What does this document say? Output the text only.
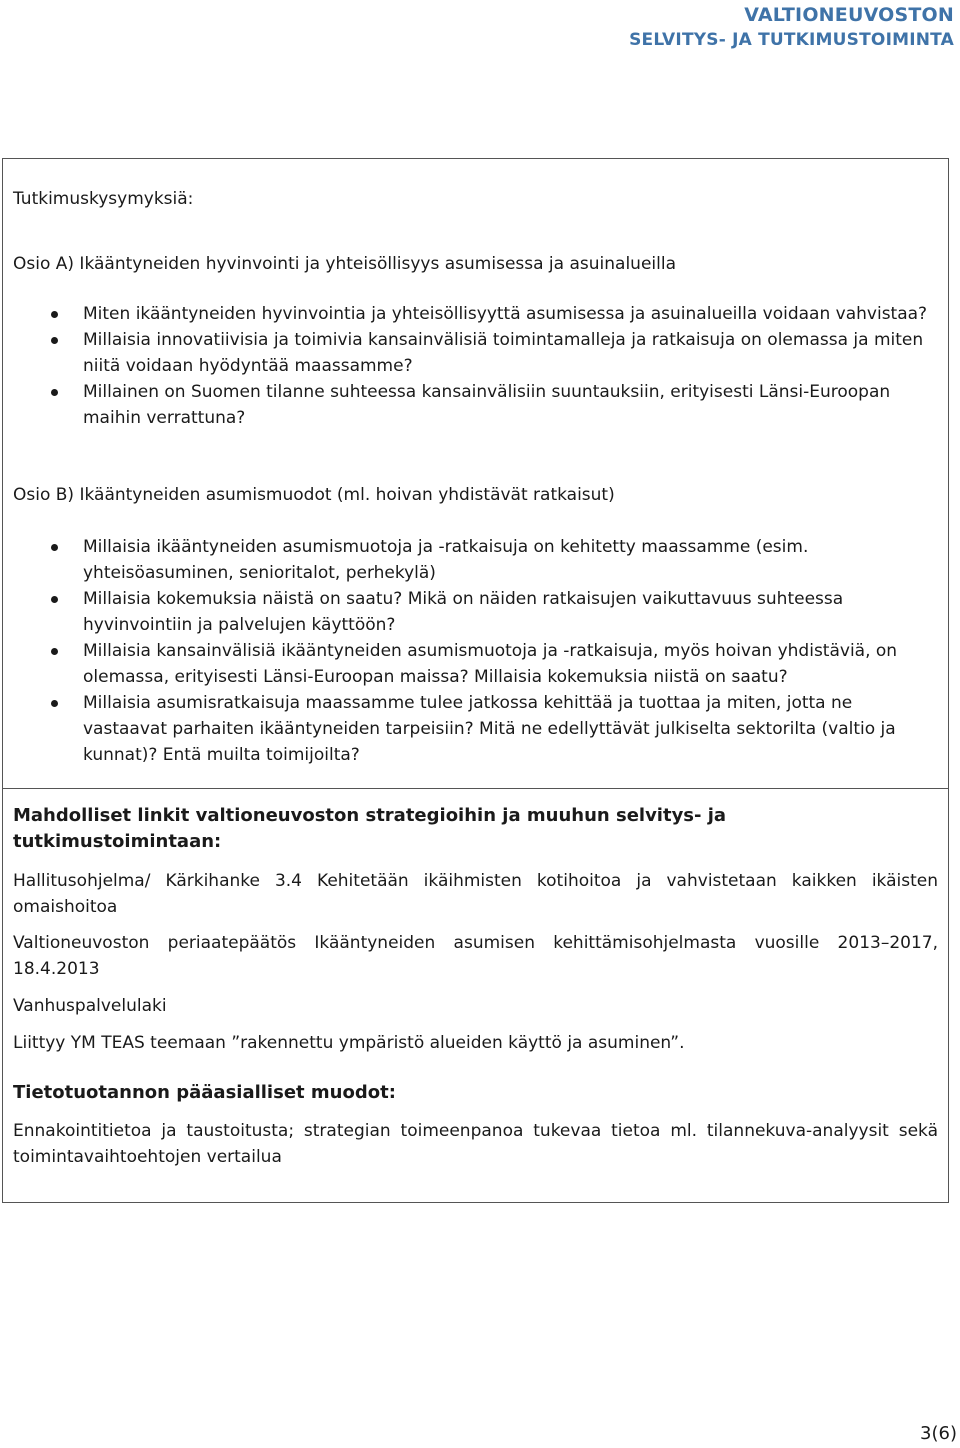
VALTIONEUVOSTON
SELVITYS- JA TUTKIMUSTOIMINTA

Tutkimuskysymyksiä:

Osio A) Ikääntyneiden hyvinvointi ja yhteisöllisyys asumisessa ja asuinalueilla

Miten ikääntyneiden hyvinvointia ja yhteisöllisyyttä asumisessa ja asuinalueilla voidaan vahvistaa?
Millaisia innovatiivisia ja toimivia kansainvälisiä toimintamalleja ja ratkaisuja on olemassa ja miten niitä voidaan hyödyntää maassamme?
Millainen on Suomen tilanne suhteessa kansainvälisiin suuntauksiin, erityisesti Länsi-Euroopan maihin verrattuna?

Osio B) Ikääntyneiden asumismuodot (ml. hoivan yhdistävät ratkaisut)

Millaisia ikääntyneiden asumismuotoja ja -ratkaisuja on kehitetty maassamme (esim. yhteisöasuminen, senioritalot, perhekylä)
Millaisia kokemuksia näistä on saatu? Mikä on näiden ratkaisujen vaikuttavuus suhteessa hyvinvointiin ja palvelujen käyttöön?
Millaisia kansainvälisiä ikääntyneiden asumismuotoja ja -ratkaisuja, myös hoivan yhdistäviä, on olemassa, erityisesti Länsi-Euroopan maissa? Millaisia kokemuksia niistä on saatu?
Millaisia asumisratkaisuja maassamme tulee jatkossa kehittää ja tuottaa ja miten, jotta ne vastaavat parhaiten ikääntyneiden tarpeisiin? Mitä ne edellyttävät julkiselta sektorilta (valtio ja kunnat)? Entä muilta toimijoilta?

Mahdolliset linkit valtioneuvoston strategioihin ja muuhun selvitys- ja tutkimustoimintaan:

Hallitusohjelma/ Kärkihanke 3.4 Kehitetään ikäihmisten kotihoitoa ja vahvistetaan kaikken ikäisten omaishoitoa

Valtioneuvoston periaatepäätös Ikääntyneiden asumisen kehittämisohjelmasta vuosille 2013–2017, 18.4.2013

Vanhuspalvelulaki

Liittyy YM TEAS teemaan ”rakennettu ympäristö alueiden käyttö ja asuminen”.

Tietotuotannon pääasialliset muodot:

Ennakointitietoa ja taustoitusta; strategian toimeenpanoa tukevaa tietoa ml. tilannekuva-analyysit sekä toimintavaihtoehtojen vertailua

3(6)
